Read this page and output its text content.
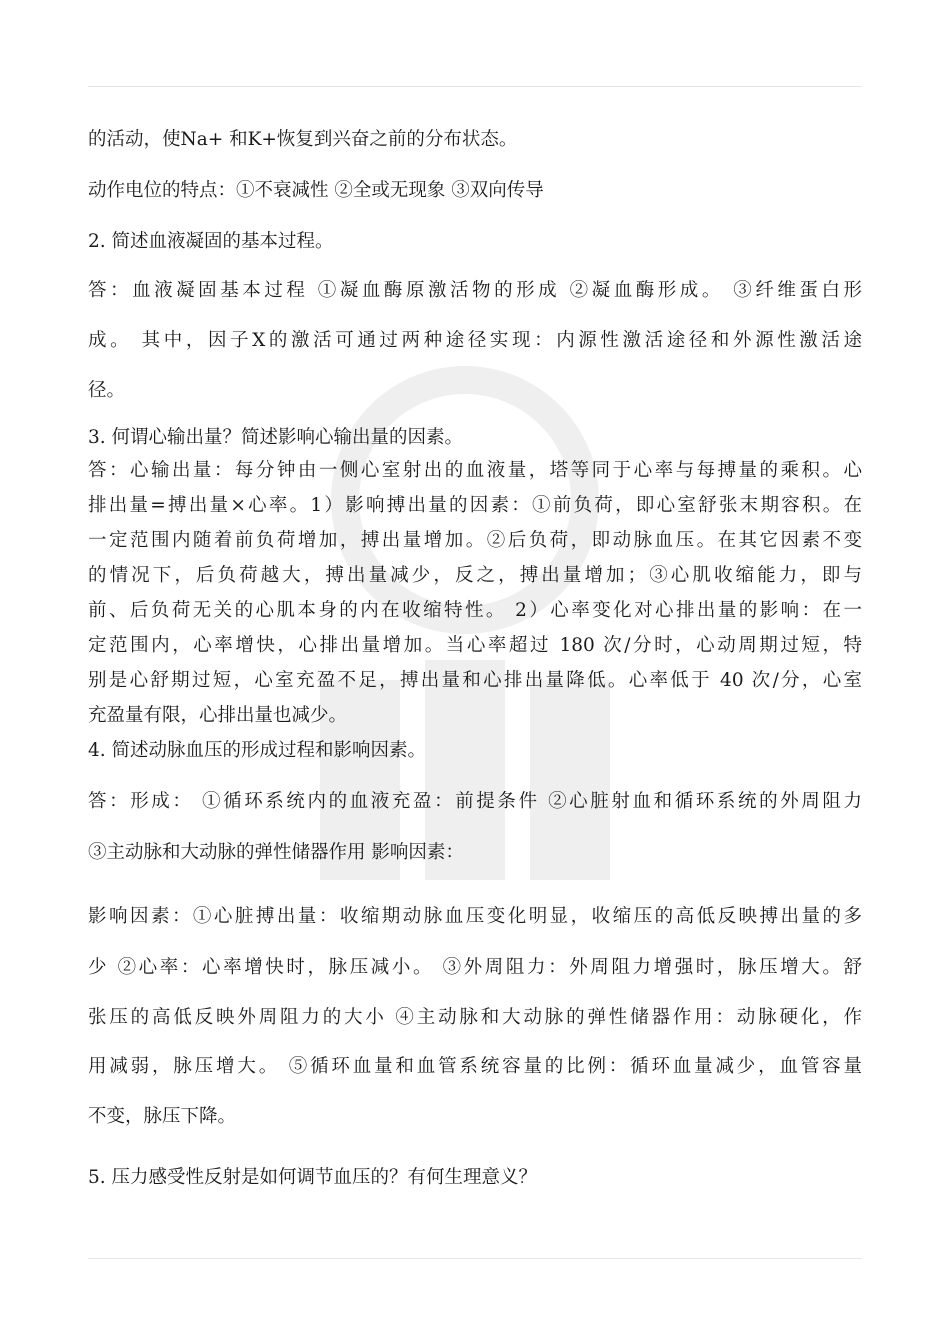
的活动，使Na+ 和K+恢复到兴奋之前的分布状态。
动作电位的特点：①不衰减性 ②全或无现象 ③双向传导
2. 简述血液凝固的基本过程。
答：血液凝固基本过程 ①凝血酶原激活物的形成 ②凝血酶形成。 ③纤维蛋白形
成。 其中，因子X的激活可通过两种途径实现：内源性激活途径和外源性激活途
径。
3. 何谓心输出量？简述影响心输出量的因素。
答：心输出量：每分钟由一侧心室射出的血液量，塔等同于心率与每搏量的乘积。心
排出量=搏出量×心率。1）影响搏出量的因素：①前负荷，即心室舒张末期容积。在
一定范围内随着前负荷增加，搏出量增加。②后负荷，即动脉血压。在其它因素不变
的情况下，后负荷越大，搏出量减少，反之，搏出量增加；③心肌收缩能力，即与
前、后负荷无关的心肌本身的内在收缩特性。 2）心率变化对心排出量的影响：在一
定范围内，心率增快，心排出量增加。当心率超过 180 次/分时，心动周期过短，特
别是心舒期过短，心室充盈不足，搏出量和心排出量降低。心率低于 40 次/分，心室
充盈量有限，心排出量也减少。
4. 简述动脉血压的形成过程和影响因素。
答：形成： ①循环系统内的血液充盈：前提条件 ②心脏射血和循环系统的外周阻力
③主动脉和大动脉的弹性储器作用 影响因素：
影响因素：①心脏搏出量：收缩期动脉血压变化明显，收缩压的高低反映搏出量的多
少 ②心率：心率增快时，脉压减小。 ③外周阻力：外周阻力增强时，脉压增大。舒
张压的高低反映外周阻力的大小 ④主动脉和大动脉的弹性储器作用：动脉硬化，作
用减弱，脉压增大。 ⑤循环血量和血管系统容量的比例：循环血量减少，血管容量
不变，脉压下降。
5. 压力感受性反射是如何调节血压的？有何生理意义？
